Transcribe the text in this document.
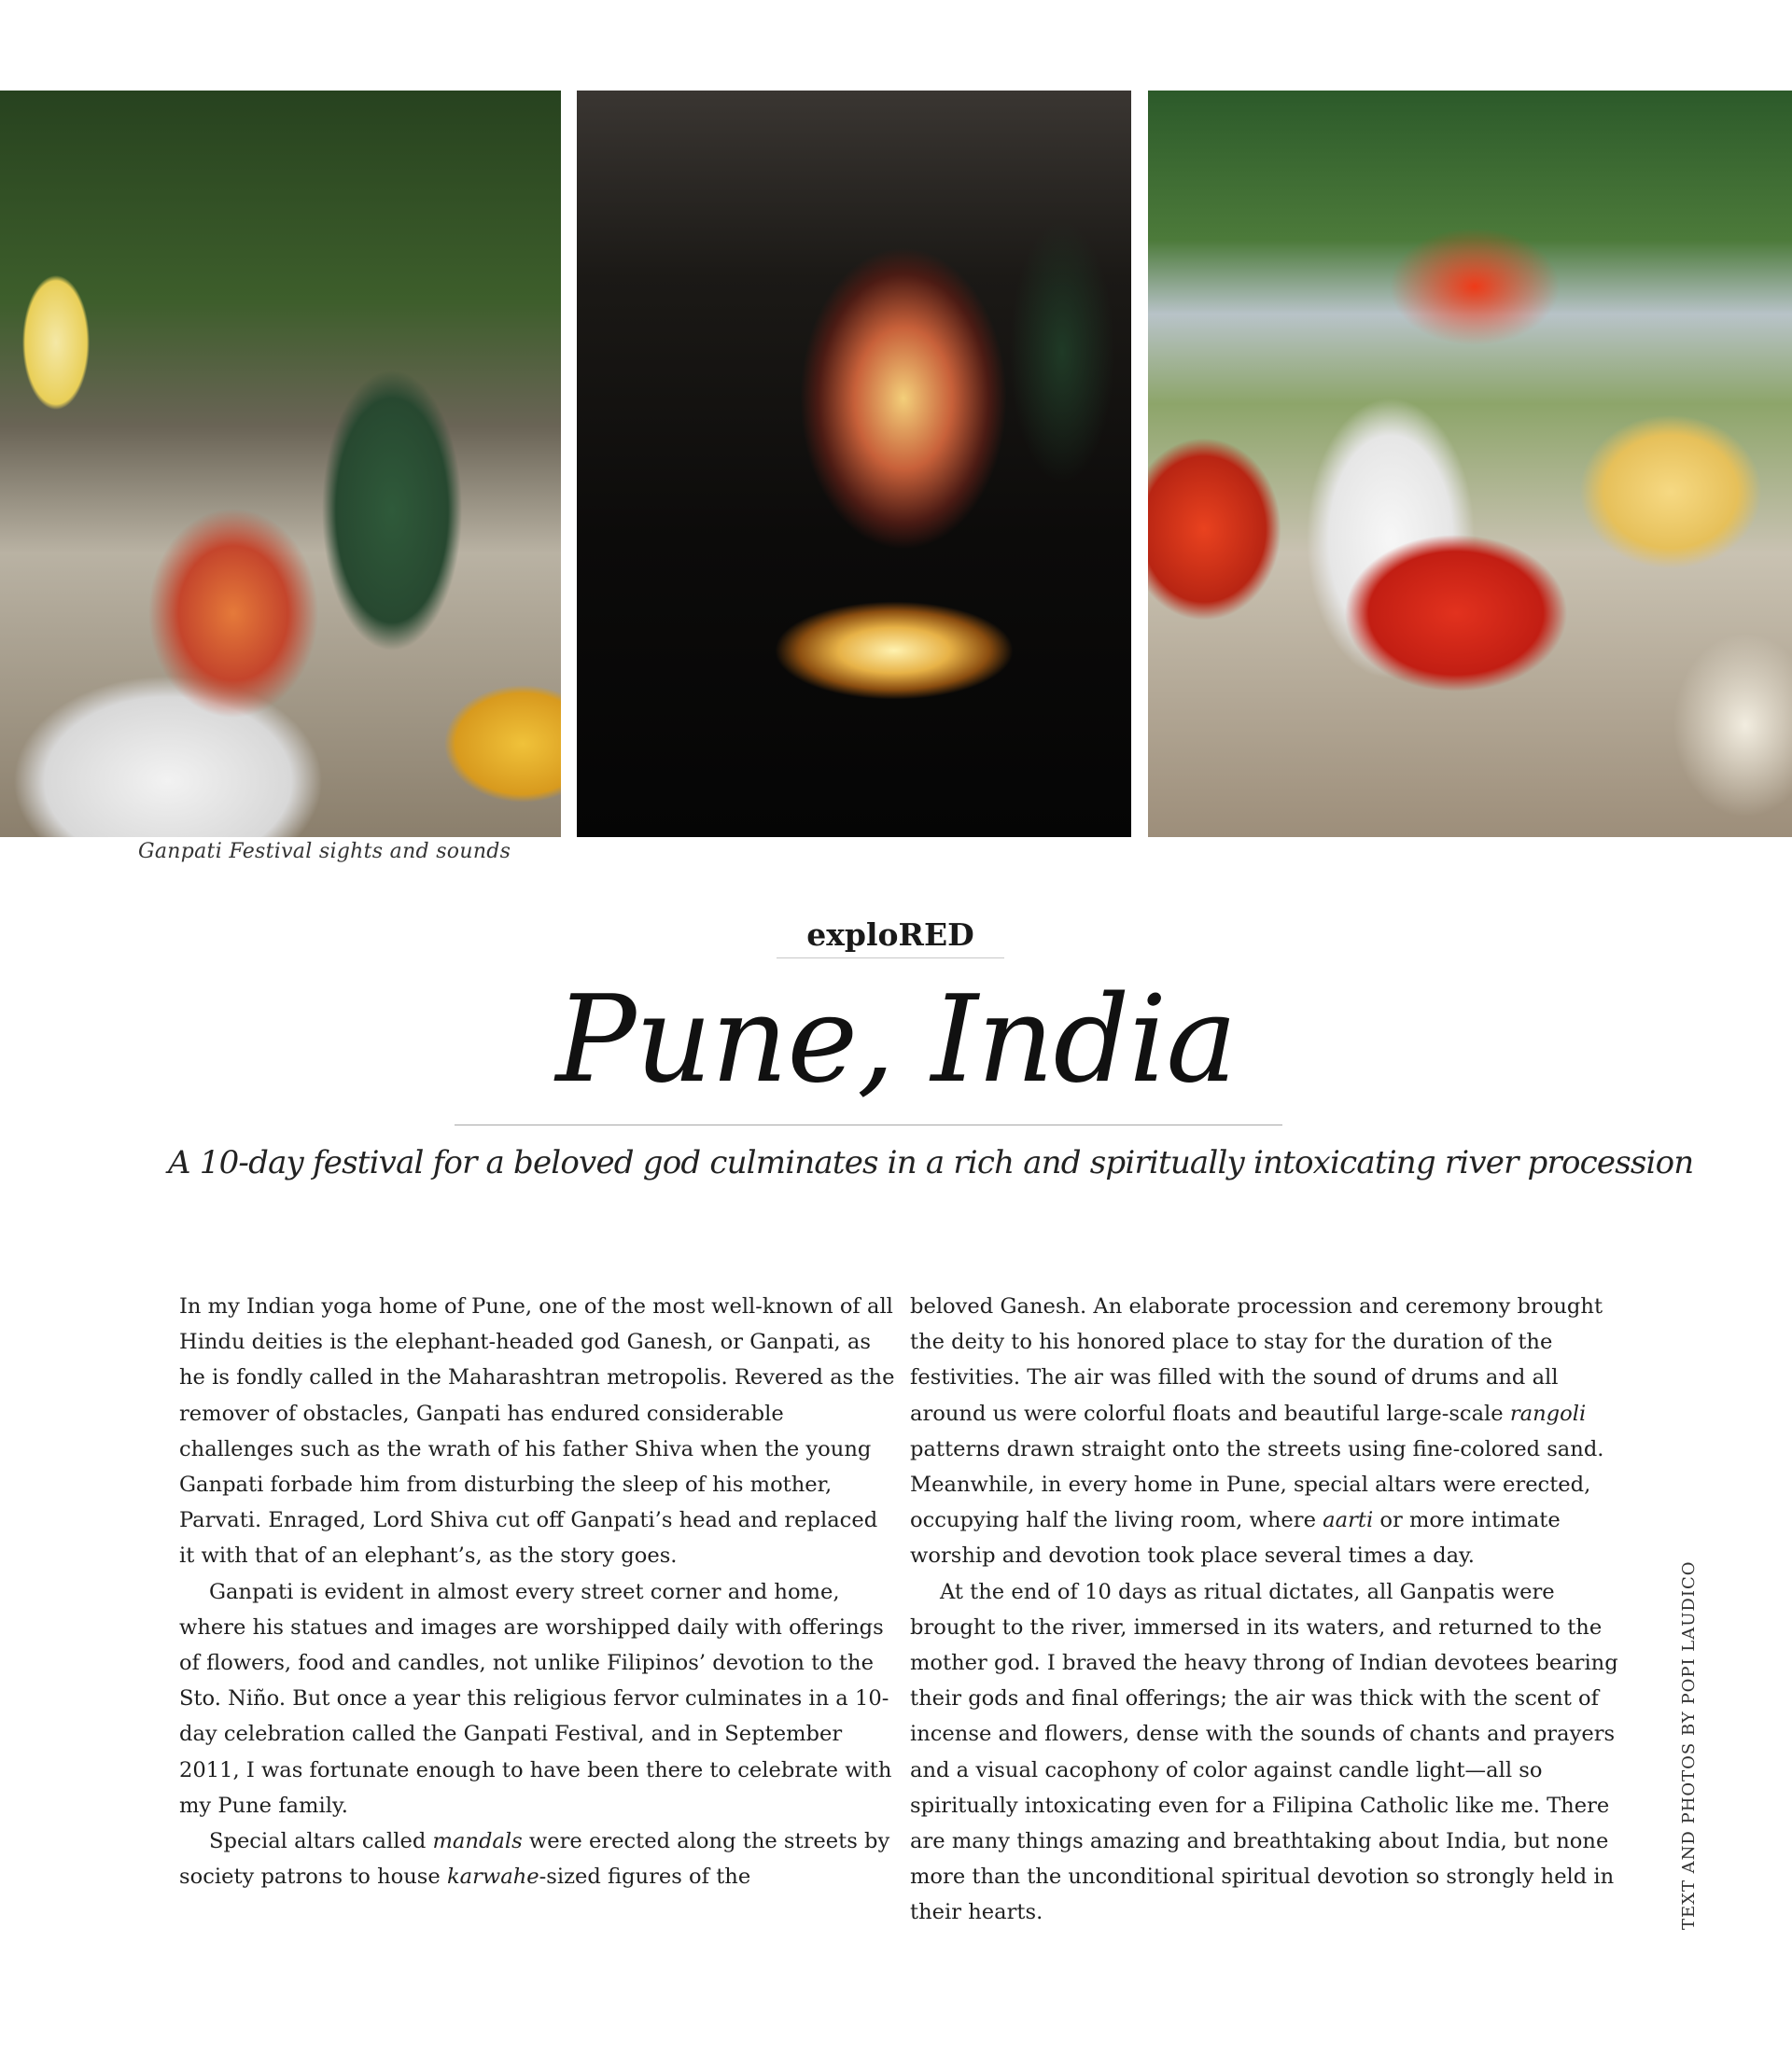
Ganpati Festival sights and sounds
exploRED
Pune, India
A 10-day festival for a beloved god culminates in a rich and spiritually intoxicating river procession

In my Indian yoga home of Pune, one of the most well-known of all Hindu deities is the elephant-headed god Ganesh, or Ganpati, as he is fondly called in the Maharashtran metropolis. Revered as the remover of obstacles, Ganpati has endured considerable challenges such as the wrath of his father Shiva when the young Ganpati forbade him from disturbing the sleep of his mother, Parvati. Enraged, Lord Shiva cut off Ganpati’s head and replaced it with that of an elephant’s, as the story goes.

Ganpati is evident in almost every street corner and home, where his statues and images are worshipped daily with offerings of flowers, food and candles, not unlike Filipinos’ devotion to the Sto. Niño. But once a year this religious fervor culminates in a 10-day celebration called the Ganpati Festival, and in September 2011, I was fortunate enough to have been there to celebrate with my Pune family.

Special altars called mandals were erected along the streets by society patrons to house karwahe-sized figures of the

beloved Ganesh. An elaborate procession and ceremony brought the deity to his honored place to stay for the duration of the festivities. The air was filled with the sound of drums and all around us were colorful floats and beautiful large-scale rangoli patterns drawn straight onto the streets using fine-colored sand. Meanwhile, in every home in Pune, special altars were erected, occupying half the living room, where aarti or more intimate worship and devotion took place several times a day.

At the end of 10 days as ritual dictates, all Ganpatis were brought to the river, immersed in its waters, and returned to the mother god. I braved the heavy throng of Indian devotees bearing their gods and final offerings; the air was thick with the scent of incense and flowers, dense with the sounds of chants and prayers and a visual cacophony of color against candle light—all so spiritually intoxicating even for a Filipina Catholic like me. There are many things amazing and breathtaking about India, but none more than the unconditional spiritual devotion so strongly held in their hearts.	TEXT AND PHOTOS BY POPI LAUDICO
